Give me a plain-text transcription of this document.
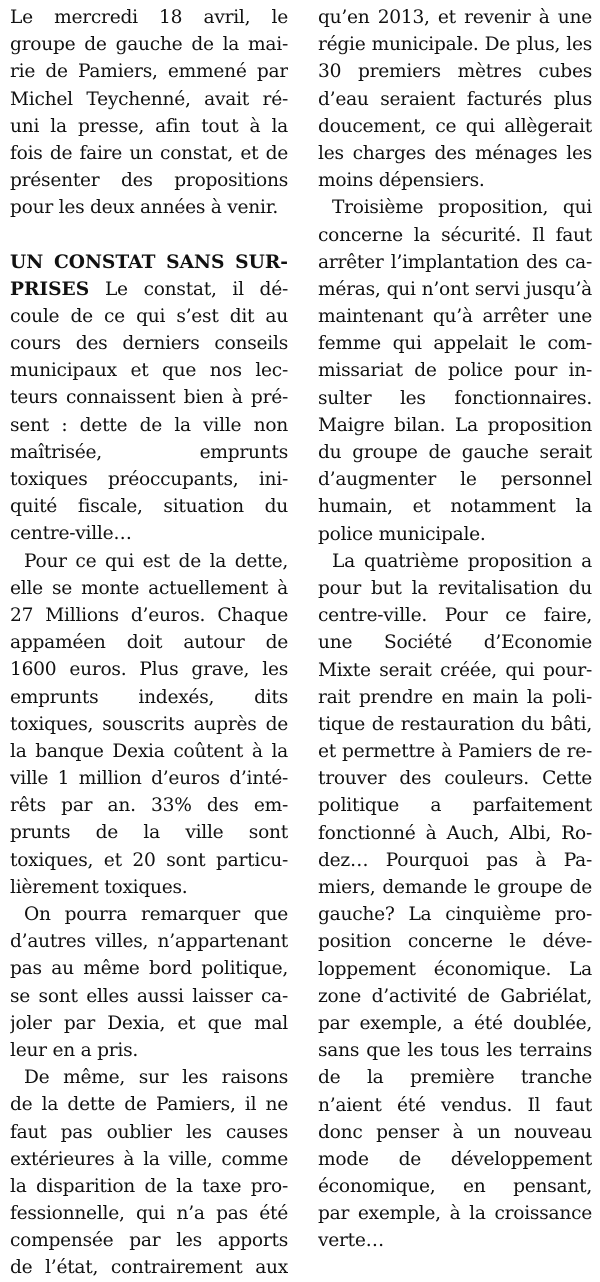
Le mercredi 18 avril, le
groupe de gauche de la mai-
rie de Pamiers, emmené par
Michel Teychenné, avait ré-
uni la presse, afin tout à la
fois de faire un constat, et de
présenter des propositions
pour les deux années à venir.
UN CONSTAT SANS SUR-
PRISES Le constat, il dé-
coule de ce qui s’est dit au
cours des derniers conseils
municipaux et que nos lec-
teurs connaissent bien à pré-
sent : dette de la ville non
maîtrisée, emprunts
toxiques préoccupants, ini-
quité fiscale, situation du
centre-ville…
Pour ce qui est de la dette,
elle se monte actuellement à
27 Millions d’euros. Chaque
appaméen doit autour de
1600 euros. Plus grave, les
emprunts indexés, dits
toxiques, souscrits auprès de
la banque Dexia coûtent à la
ville 1 million d’euros d’inté-
rêts par an. 33% des em-
prunts de la ville sont
toxiques, et 20 sont particu-
lièrement toxiques.
On pourra remarquer que
d’autres villes, n’appartenant
pas au même bord politique,
se sont elles aussi laisser ca-
joler par Dexia, et que mal
leur en a pris.
De même, sur les raisons
de la dette de Pamiers, il ne
faut pas oublier les causes
extérieures à la ville, comme
la disparition de la taxe pro-
fessionnelle, qui n’a pas été
compensée par les apports
de l’état, contrairement aux
qu’en 2013, et revenir à une
régie municipale. De plus, les
30 premiers mètres cubes
d’eau seraient facturés plus
doucement, ce qui allègerait
les charges des ménages les
moins dépensiers.
Troisième proposition, qui
concerne la sécurité. Il faut
arrêter l’implantation des ca-
méras, qui n’ont servi jusqu’à
maintenant qu’à arrêter une
femme qui appelait le com-
missariat de police pour in-
sulter les fonctionnaires.
Maigre bilan. La proposition
du groupe de gauche serait
d’augmenter le personnel
humain, et notamment la
police municipale.
La quatrième proposition a
pour but la revitalisation du
centre-ville. Pour ce faire,
une Société d’Economie
Mixte serait créée, qui pour-
rait prendre en main la poli-
tique de restauration du bâti,
et permettre à Pamiers de re-
trouver des couleurs. Cette
politique a parfaitement
fonctionné à Auch, Albi, Ro-
dez… Pourquoi pas à Pa-
miers, demande le groupe de
gauche? La cinquième pro-
position concerne le déve-
loppement économique. La
zone d’activité de Gabriélat,
par exemple, a été doublée,
sans que les tous les terrains
de la première tranche
n’aient été vendus. Il faut
donc penser à un nouveau
mode de développement
économique, en pensant,
par exemple, à la croissance
verte…
